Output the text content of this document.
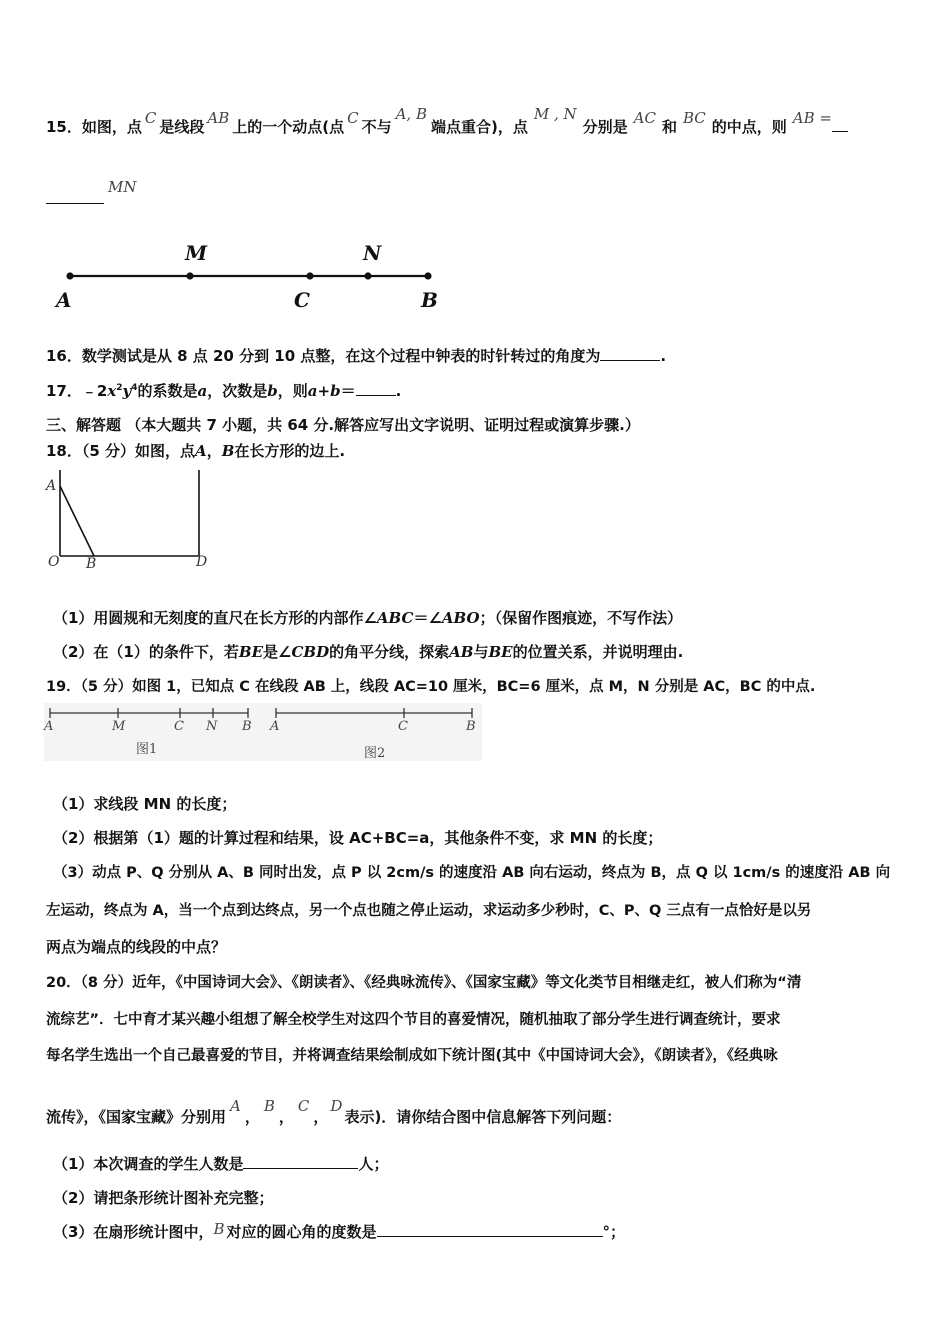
15．如图，点 C 是线段 AB 上的一个动点(点 C 不与A, B端点重合)，点M , N分别是 AC 和 BC 的中点，则 AB =
MN
A
M
C
N
B
16．数学测试是从 8 点 20 分到 10 点整，在这个过程中钟表的时针转过的角度为	.
17．$﹣2x^2y^4$的系数是a，次数是b，则a+b＝	.
三、解答题 （本大题共 7 小题，共 64 分.解答应写出文字说明、证明过程或演算步骤.）
18．（5 分）如图，点A，B在长方形的边上.
A
O B	D
（1）用圆规和无刻度的直尺在长方形的内部作∠ABC＝∠ABO；（保留作图痕迹，不写作法）
（2）在（1）的条件下，若BE是∠CBD的角平分线，探索AB与BE的位置关系，并说明理由.
19．（5 分）如图 1，已知点 C 在线段 AB 上，线段 AC=10 厘米，BC=6 厘米，点 M，N 分别是 AC，BC 的中点.
A	M	C N B
图1
A	C	B
图2
（1）求线段 MN 的长度；
（2）根据第（1）题的计算过程和结果，设 AC+BC=a，其他条件不变，求 MN 的长度；
（3）动点 P、Q 分别从 A、B 同时出发，点 P 以 2cm/s 的速度沿 AB 向右运动，终点为 B，点 Q 以 1cm/s 的速度沿 AB 向
左运动，终点为 A，当一个点到达终点，另一个点也随之停止运动，求运动多少秒时，C、P、Q 三点有一点恰好是以另
两点为端点的线段的中点？
20．（8 分）近年，《中国诗词大会》、《朗读者》、《经典咏流传》、《国家宝藏》等文化类节目相继走红，被人们称为“清
流综艺”．七中育才某兴趣小组想了解全校学生对这四个节目的喜爱情况，随机抽取了部分学生进行调查统计，要求
每名学生选出一个自己最喜爱的节目，并将调查结果绘制成如下统计图(其中《中国诗词大会》，《朗读者》，《经典咏
流传》，《国家宝藏》分别用A，B，C，D表示)．请你结合图中信息解答下列问题：
（1）本次调查的学生人数是	人；
（2）请把条形统计图补充完整；
（3）在扇形统计图中，B 对应的圆心角的度数是	°；
